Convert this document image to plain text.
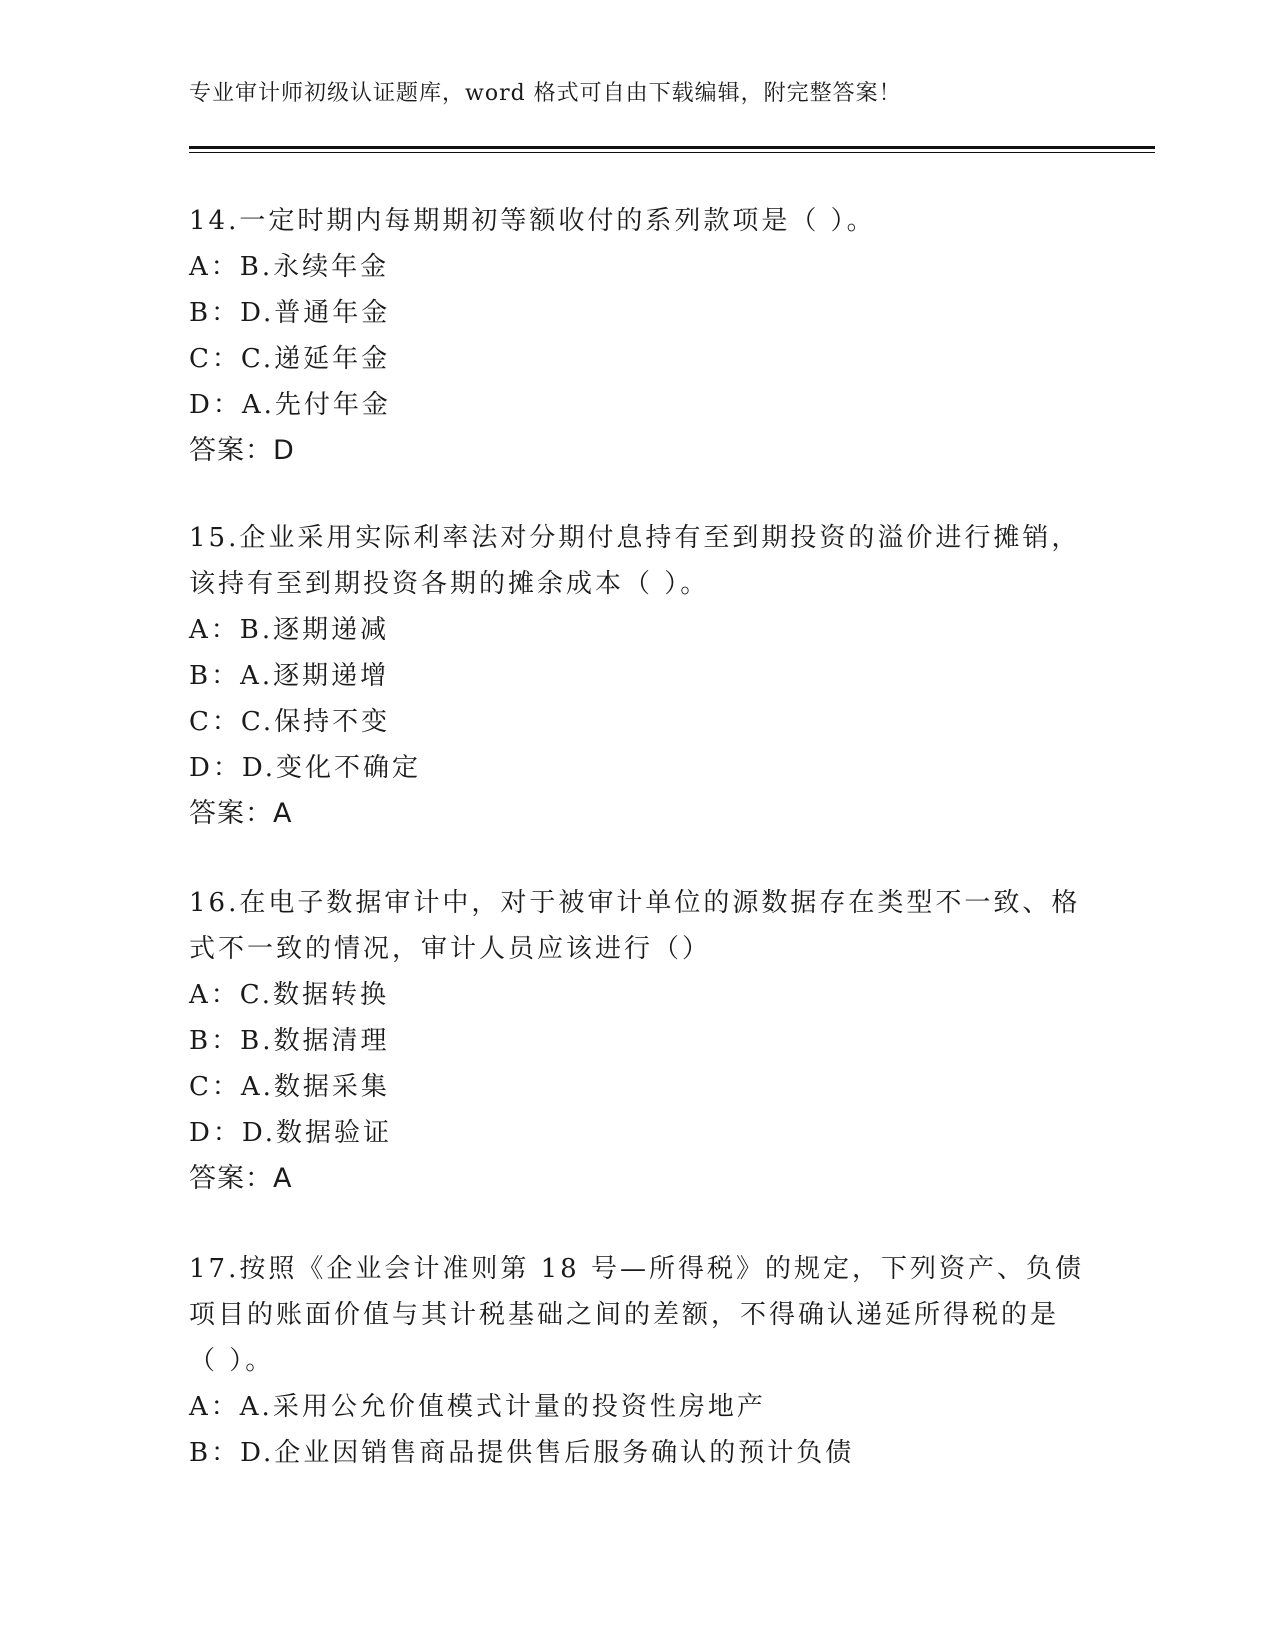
专业审计师初级认证题库，word 格式可自由下载编辑，附完整答案！
14.一定时期内每期期初等额收付的系列款项是（ ）。
A：B.永续年金
B：D.普通年金
C：C.递延年金
D：A.先付年金
答案：D
15.企业采用实际利率法对分期付息持有至到期投资的溢价进行摊销，
该持有至到期投资各期的摊余成本（ ）。
A：B.逐期递减
B：A.逐期递增
C：C.保持不变
D：D.变化不确定
答案：A
16.在电子数据审计中，对于被审计单位的源数据存在类型不一致、格
式不一致的情况，审计人员应该进行（）
A：C.数据转换
B：B.数据清理
C：A.数据采集
D：D.数据验证
答案：A
17.按照《企业会计准则第 18 号—所得税》的规定，下列资产、负债
项目的账面价值与其计税基础之间的差额，不得确认递延所得税的是
（ ）。
A：A.采用公允价值模式计量的投资性房地产
B：D.企业因销售商品提供售后服务确认的预计负债
